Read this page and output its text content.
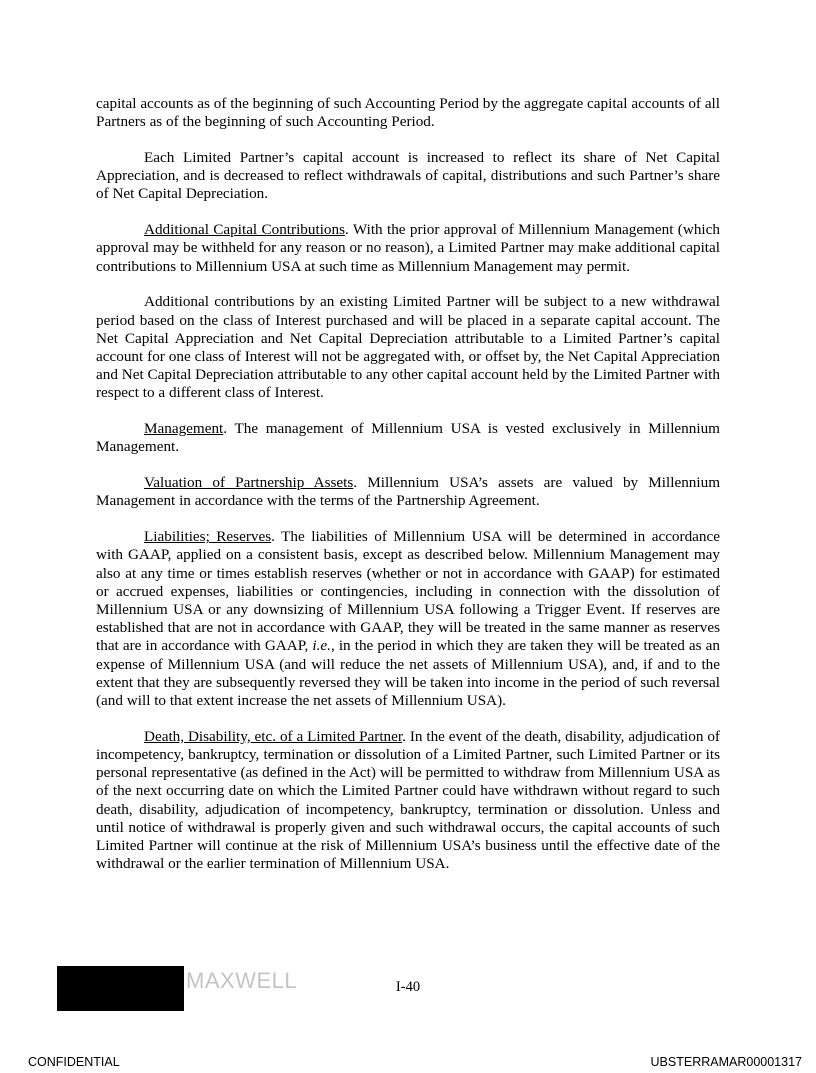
capital accounts as of the beginning of such Accounting Period by the aggregate capital accounts of all Partners as of the beginning of such Accounting Period.

Each Limited Partner’s capital account is increased to reflect its share of Net Capital Appreciation, and is decreased to reflect withdrawals of capital, distributions and such Partner’s share of Net Capital Depreciation.

Additional Capital Contributions. With the prior approval of Millennium Management (which approval may be withheld for any reason or no reason), a Limited Partner may make additional capital contributions to Millennium USA at such time as Millennium Management may permit.

Additional contributions by an existing Limited Partner will be subject to a new withdrawal period based on the class of Interest purchased and will be placed in a separate capital account. The Net Capital Appreciation and Net Capital Depreciation attributable to a Limited Partner’s capital account for one class of Interest will not be aggregated with, or offset by, the Net Capital Appreciation and Net Capital Depreciation attributable to any other capital account held by the Limited Partner with respect to a different class of Interest.

Management. The management of Millennium USA is vested exclusively in Millennium Management.

Valuation of Partnership Assets. Millennium USA’s assets are valued by Millennium Management in accordance with the terms of the Partnership Agreement.

Liabilities; Reserves. The liabilities of Millennium USA will be determined in accordance with GAAP, applied on a consistent basis, except as described below. Millennium Management may also at any time or times establish reserves (whether or not in accordance with GAAP) for estimated or accrued expenses, liabilities or contingencies, including in connection with the dissolution of Millennium USA or any downsizing of Millennium USA following a Trigger Event. If reserves are established that are not in accordance with GAAP, they will be treated in the same manner as reserves that are in accordance with GAAP, i.e., in the period in which they are taken they will be treated as an expense of Millennium USA (and will reduce the net assets of Millennium USA), and, if and to the extent that they are subsequently reversed they will be taken into income in the period of such reversal (and will to that extent increase the net assets of Millennium USA).

Death, Disability, etc. of a Limited Partner. In the event of the death, disability, adjudication of incompetency, bankruptcy, termination or dissolution of a Limited Partner, such Limited Partner or its personal representative (as defined in the Act) will be permitted to withdraw from Millennium USA as of the next occurring date on which the Limited Partner could have withdrawn without regard to such death, disability, adjudication of incompetency, bankruptcy, termination or dissolution. Unless and until notice of withdrawal is properly given and such withdrawal occurs, the capital accounts of such Limited Partner will continue at the risk of Millennium USA’s business until the effective date of the withdrawal or the earlier termination of Millennium USA.

MAXWELL	I-40
CONFIDENTIAL	UBSTERRAMAR00001317
